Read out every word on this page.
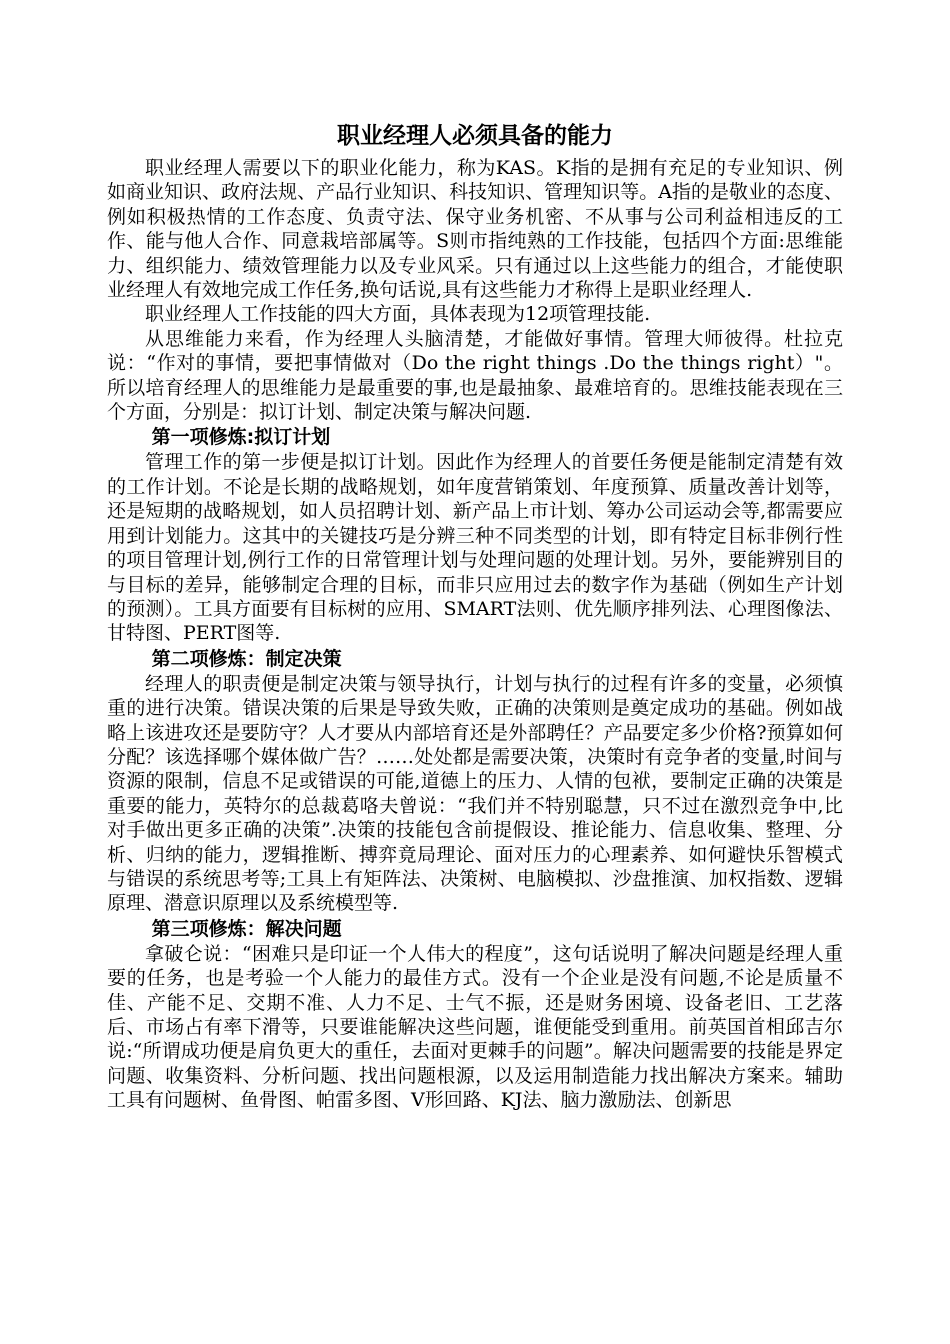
职业经理人必须具备的能力

职业经理人需要以下的职业化能力，称为KAS。K指的是拥有充足的专业知识、例如商业知识、政府法规、产品行业知识、科技知识、管理知识等。A指的是敬业的态度、例如积极热情的工作态度、负责守法、保守业务机密、不从事与公司利益相违反的工作、能与他人合作、同意栽培部属等。S则市指纯熟的工作技能，包括四个方面:思维能力、组织能力、绩效管理能力以及专业风采。只有通过以上这些能力的组合，才能使职业经理人有效地完成工作任务,换句话说,具有这些能力才称得上是职业经理人.

职业经理人工作技能的四大方面，具体表现为12项管理技能.

从思维能力来看，作为经理人头脑清楚，才能做好事情。管理大师彼得。杜拉克说：“作对的事情，要把事情做对（Do the right things .Do the things right）"。所以培育经理人的思维能力是最重要的事,也是最抽象、最难培育的。思维技能表现在三个方面，分别是：拟订计划、制定决策与解决问题.

第一项修炼:拟订计划

管理工作的第一步便是拟订计划。因此作为经理人的首要任务便是能制定清楚有效的工作计划。不论是长期的战略规划，如年度营销策划、年度预算、质量改善计划等，还是短期的战略规划，如人员招聘计划、新产品上市计划、筹办公司运动会等,都需要应用到计划能力。这其中的关键技巧是分辨三种不同类型的计划，即有特定目标非例行性的项目管理计划,例行工作的日常管理计划与处理问题的处理计划。另外，要能辨别目的与目标的差异，能够制定合理的目标，而非只应用过去的数字作为基础（例如生产计划的预测）。工具方面要有目标树的应用、SMART法则、优先顺序排列法、心理图像法、甘特图、PERT图等.

第二项修炼：制定决策

经理人的职责便是制定决策与领导执行，计划与执行的过程有许多的变量，必须慎重的进行决策。错误决策的后果是导致失败，正确的决策则是奠定成功的基础。例如战略上该进攻还是要防守？人才要从内部培育还是外部聘任？产品要定多少价格?预算如何分配？该选择哪个媒体做广告？……处处都是需要决策，决策时有竞争者的变量,时间与资源的限制，信息不足或错误的可能,道德上的压力、人情的包袱，要制定正确的决策是重要的能力，英特尔的总裁葛咯夫曾说：“我们并不特别聪慧，只不过在激烈竞争中,比对手做出更多正确的决策”.决策的技能包含前提假设、推论能力、信息收集、整理、分析、归纳的能力，逻辑推断、搏弈竟局理论、面对压力的心理素养、如何避快乐智模式与错误的系统思考等;工具上有矩阵法、决策树、电脑模拟、沙盘推演、加权指数、逻辑原理、潜意识原理以及系统模型等.

第三项修炼：解决问题

拿破仑说：“困难只是印证一个人伟大的程度”，这句话说明了解决问题是经理人重要的任务，也是考验一个人能力的最佳方式。没有一个企业是没有问题,不论是质量不佳、产能不足、交期不准、人力不足、士气不振，还是财务困境、设备老旧、工艺落后、市场占有率下滑等，只要谁能解决这些问题，谁便能受到重用。前英国首相邱吉尔说:“所谓成功便是肩负更大的重任，去面对更棘手的问题”。解决问题需要的技能是界定问题、收集资料、分析问题、找出问题根源，以及运用制造能力找出解决方案来。辅助工具有问题树、鱼骨图、帕雷多图、V形回路、KJ法、脑力激励法、创新思
